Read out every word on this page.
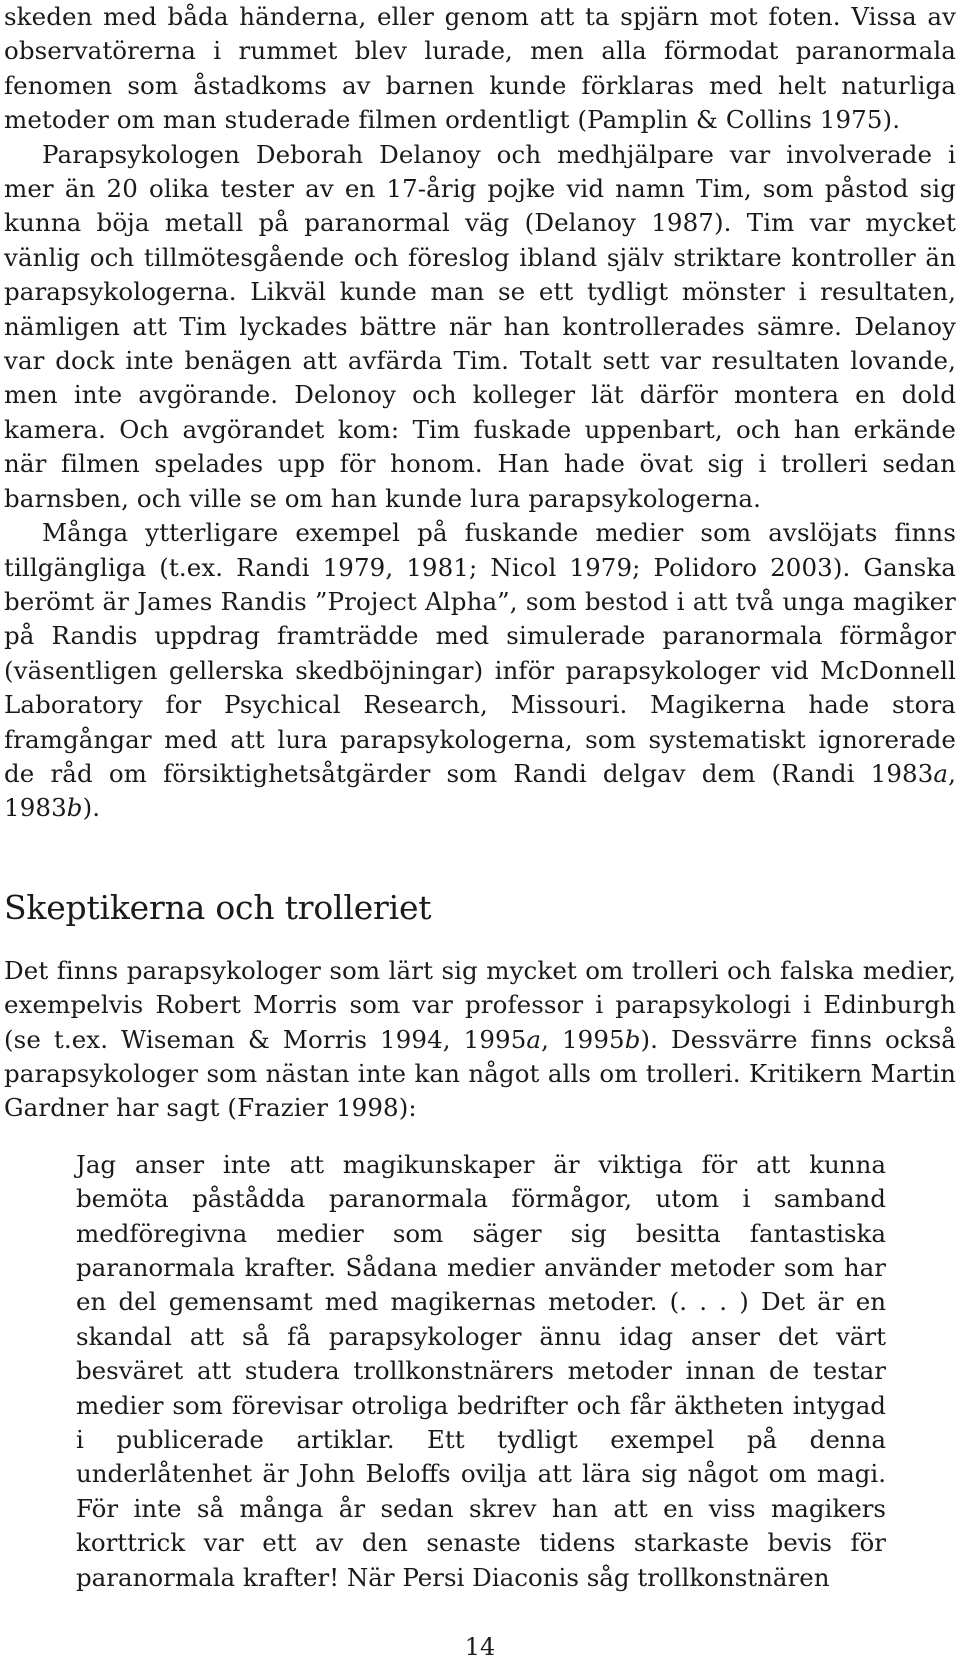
skeden med båda händerna, eller genom att ta spjärn mot foten. Vissa av observatörerna i rummet blev lurade, men alla förmodat paranormala fenomen som åstadkoms av barnen kunde förklaras med helt naturliga metoder om man studerade filmen ordentligt (Pamplin & Collins 1975).

Parapsykologen Deborah Delanoy och medhjälpare var involverade i mer än 20 olika tester av en 17-årig pojke vid namn Tim, som påstod sig kunna böja metall på paranormal väg (Delanoy 1987). Tim var mycket vänlig och tillmötesgående och föreslog ibland själv striktare kontroller än parapsykologerna. Likväl kunde man se ett tydligt mönster i resultaten, nämligen att Tim lyckades bättre när han kontrollerades sämre. Delanoy var dock inte benägen att avfärda Tim. Totalt sett var resultaten lovande, men inte avgörande. Delonoy och kolleger lät därför montera en dold kamera. Och avgörandet kom: Tim fuskade uppenbart, och han erkände när filmen spelades upp för honom. Han hade övat sig i trolleri sedan barnsben, och ville se om han kunde lura parapsykologerna.

Många ytterligare exempel på fuskande medier som avslöjats finns tillgängliga (t.ex. Randi 1979, 1981; Nicol 1979; Polidoro 2003). Ganska berömt är James Randis ”Project Alpha”, som bestod i att två unga magiker på Randis uppdrag framträdde med simulerade paranormala förmågor (väsentligen gellerska skedböjningar) inför parapsykologer vid McDonnell Laboratory for Psychical Research, Missouri. Magikerna hade stora framgångar med att lura parapsykologerna, som systematiskt ignorerade de råd om försiktighetsåtgärder som Randi delgav dem (Randi 1983a, 1983b).

Skeptikerna och trolleriet

Det finns parapsykologer som lärt sig mycket om trolleri och falska medier, exempelvis Robert Morris som var professor i parapsykologi i Edinburgh (se t.ex. Wiseman & Morris 1994, 1995a, 1995b). Dessvärre finns också parapsykologer som nästan inte kan något alls om trolleri. Kritikern Martin Gardner har sagt (Frazier 1998):

Jag anser inte att magikunskaper är viktiga för att kunna bemöta påstådda paranormala förmågor, utom i samband medföregivna medier som säger sig besitta fantastiska paranormala krafter. Sådana medier använder metoder som har en del gemensamt med magikernas metoder. (. . . ) Det är en skandal att så få parapsykologer ännu idag anser det värt besväret att studera trollkonstnärers metoder innan de testar medier som förevisar otroliga bedrifter och får äktheten intygad i publicerade artiklar. Ett tydligt exempel på denna underlåtenhet är John Beloffs ovilja att lära sig något om magi. För inte så många år sedan skrev han att en viss magikers korttrick var ett av den senaste tidens starkaste bevis för paranormala krafter! När Persi Diaconis såg trollkonstnären

14
